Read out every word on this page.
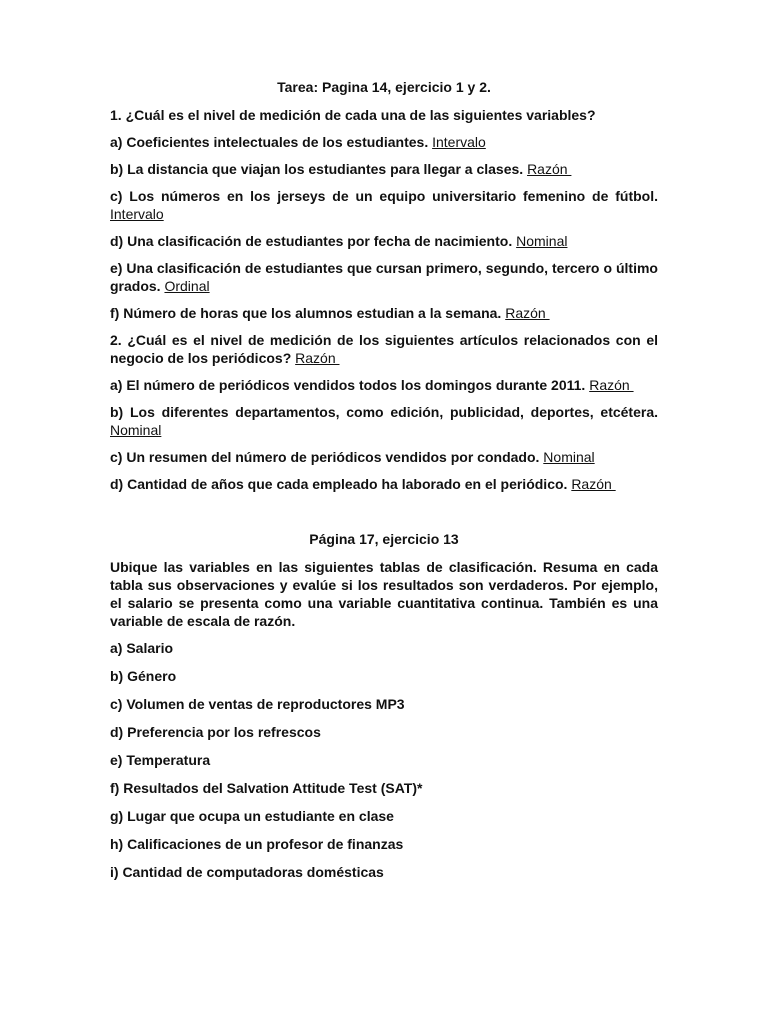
Tarea: Pagina 14, ejercicio 1 y 2.

1. ¿Cuál es el nivel de medición de cada una de las siguientes variables?

a) Coeficientes intelectuales de los estudiantes. Intervalo

b) La distancia que viajan los estudiantes para llegar a clases. Razón

c) Los números en los jerseys de un equipo universitario femenino de fútbol. Intervalo

d) Una clasificación de estudiantes por fecha de nacimiento. Nominal

e) Una clasificación de estudiantes que cursan primero, segundo, tercero o último grados. Ordinal

f) Número de horas que los alumnos estudian a la semana. Razón

2. ¿Cuál es el nivel de medición de los siguientes artículos relacionados con el negocio de los periódicos? Razón

a) El número de periódicos vendidos todos los domingos durante 2011. Razón

b) Los diferentes departamentos, como edición, publicidad, deportes, etcétera. Nominal

c) Un resumen del número de periódicos vendidos por condado. Nominal

d) Cantidad de años que cada empleado ha laborado en el periódico. Razón

Página 17, ejercicio 13

Ubique las variables en las siguientes tablas de clasificación. Resuma en cada tabla sus observaciones y evalúe si los resultados son verdaderos. Por ejemplo, el salario se presenta como una variable cuantitativa continua. También es una variable de escala de razón.

a) Salario

b) Género

c) Volumen de ventas de reproductores MP3

d) Preferencia por los refrescos

e) Temperatura

f) Resultados del Salvation Attitude Test (SAT)*

g) Lugar que ocupa un estudiante en clase

h) Calificaciones de un profesor de finanzas

i) Cantidad de computadoras domésticas
